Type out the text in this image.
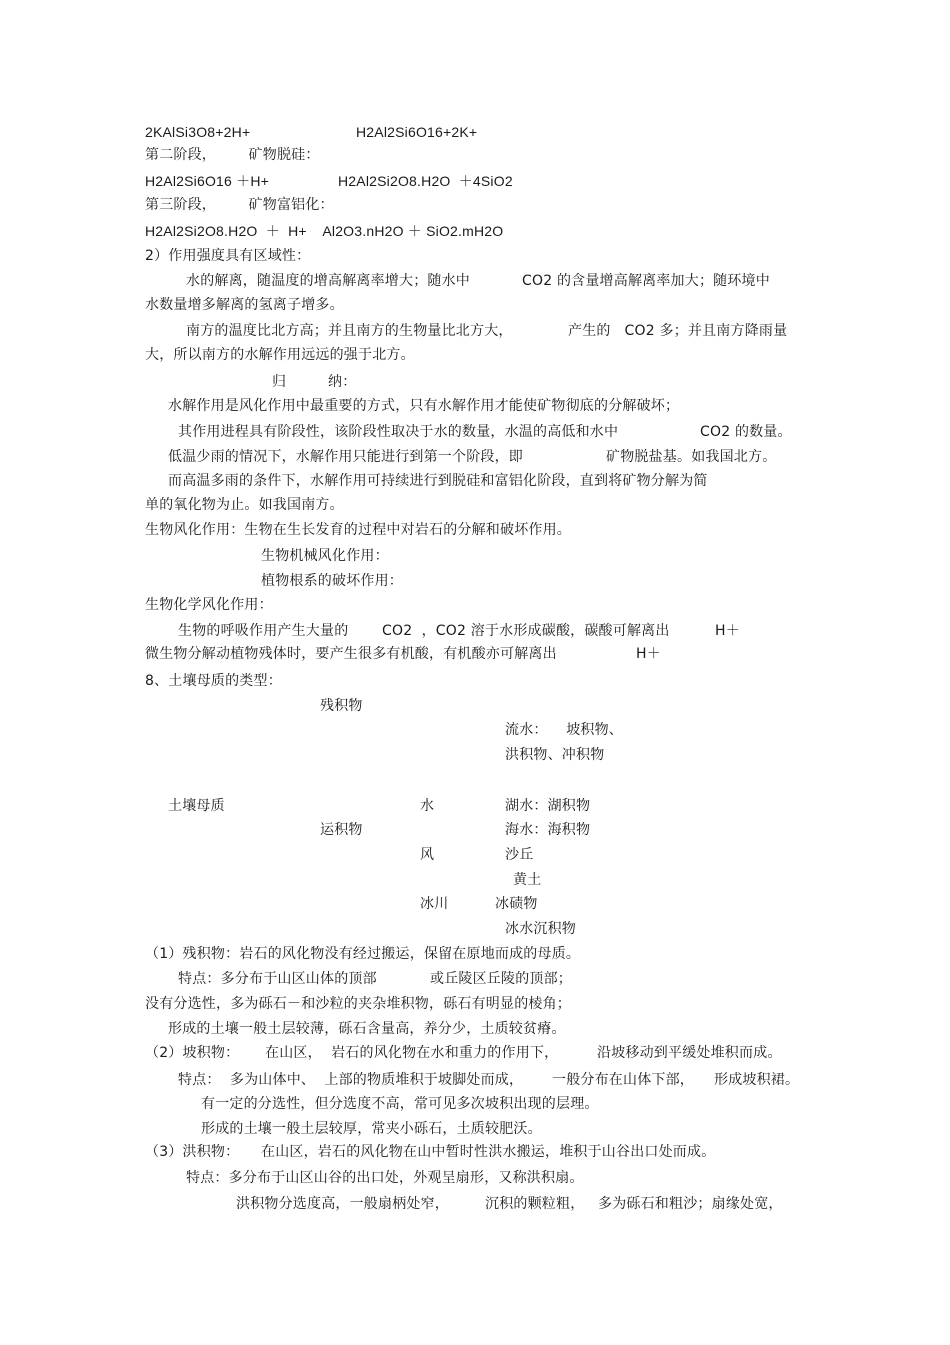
2KAlSi3O8+2H+	H2Al2Si6O16+2K+
第二阶段，       矿物脱硅：
H2Al2Si6O16 ＋H+	H2Al2Si2O8.H2O  ＋4SiO2
第三阶段，       矿物富铝化：
H2Al2Si2O8.H2O  ＋  H+    Al2O3.nH2O ＋ SiO2.mH2O
2）作用强度具有区域性：
水的解离，随温度的增高解离率增大；随水中	CO2 的含量增高解离率加大；随环境中
水数量增多解离的氢离子增多。
南方的温度比北方高；并且南方的生物量比北方大，	产生的   CO2 多；并且南方降雨量
大，所以南方的水解作用远远的强于北方。
归	纳：
水解作用是风化作用中最重要的方式，只有水解作用才能使矿物彻底的分解破坏；
其作用进程具有阶段性，该阶段性取决于水的数量，水温的高低和水中	CO2 的数量。
低温少雨的情况下，水解作用只能进行到第一个阶段，即	矿物脱盐基。如我国北方。
而高温多雨的条件下，水解作用可持续进行到脱硅和富铝化阶段，直到将矿物分解为简
单的氧化物为止。如我国南方。
生物风化作用：生物在生长发育的过程中对岩石的分解和破坏作用。
生物机械风化作用：
植物根系的破坏作用：
生物化学风化作用：
生物的呼吸作用产生大量的 CO2  ，CO2 溶于水形成碳酸，碳酸可解离出	H＋
微生物分解动植物残体时，要产生很多有机酸，有机酸亦可解离出	H＋
8、土壤母质的类型：
残积物
流水：    坡积物、
洪积物、冲积物
土壤母质	水	湖水：湖积物
运积物	海水：海积物
风	沙丘
黄土
冰川	冰碛物
冰水沉积物
（1）残积物：岩石的风化物没有经过搬运，保留在原地而成的母质。
特点：多分布于山区山体的顶部	或丘陵区丘陵的顶部；
没有分选性，多为砾石－和沙粒的夹杂堆积物，砾石有明显的棱角；
形成的土壤一般土层较薄，砾石含量高，养分少，土质较贫瘠。
（2）坡积物： 在山区，  岩石的风化物在水和重力的作用下，	沿坡移动到平缓处堆积而成。
特点：  多为山体中、  上部的物质堆积于坡脚处而成， 一般分布在山体下部， 形成坡积裙。
有一定的分选性，但分选度不高，常可见多次坡积出现的层理。
形成的土壤一般土层较厚，常夹小砾石，土质较肥沃。
（3）洪积物： 在山区，岩石的风化物在山中暂时性洪水搬运，堆积于山谷出口处而成。
特点：多分布于山区山谷的出口处，外观呈扇形，又称洪积扇。
洪积物分选度高，一般扇柄处窄，	沉积的颗粒粗， 多为砾石和粗沙；扇缘处宽，
